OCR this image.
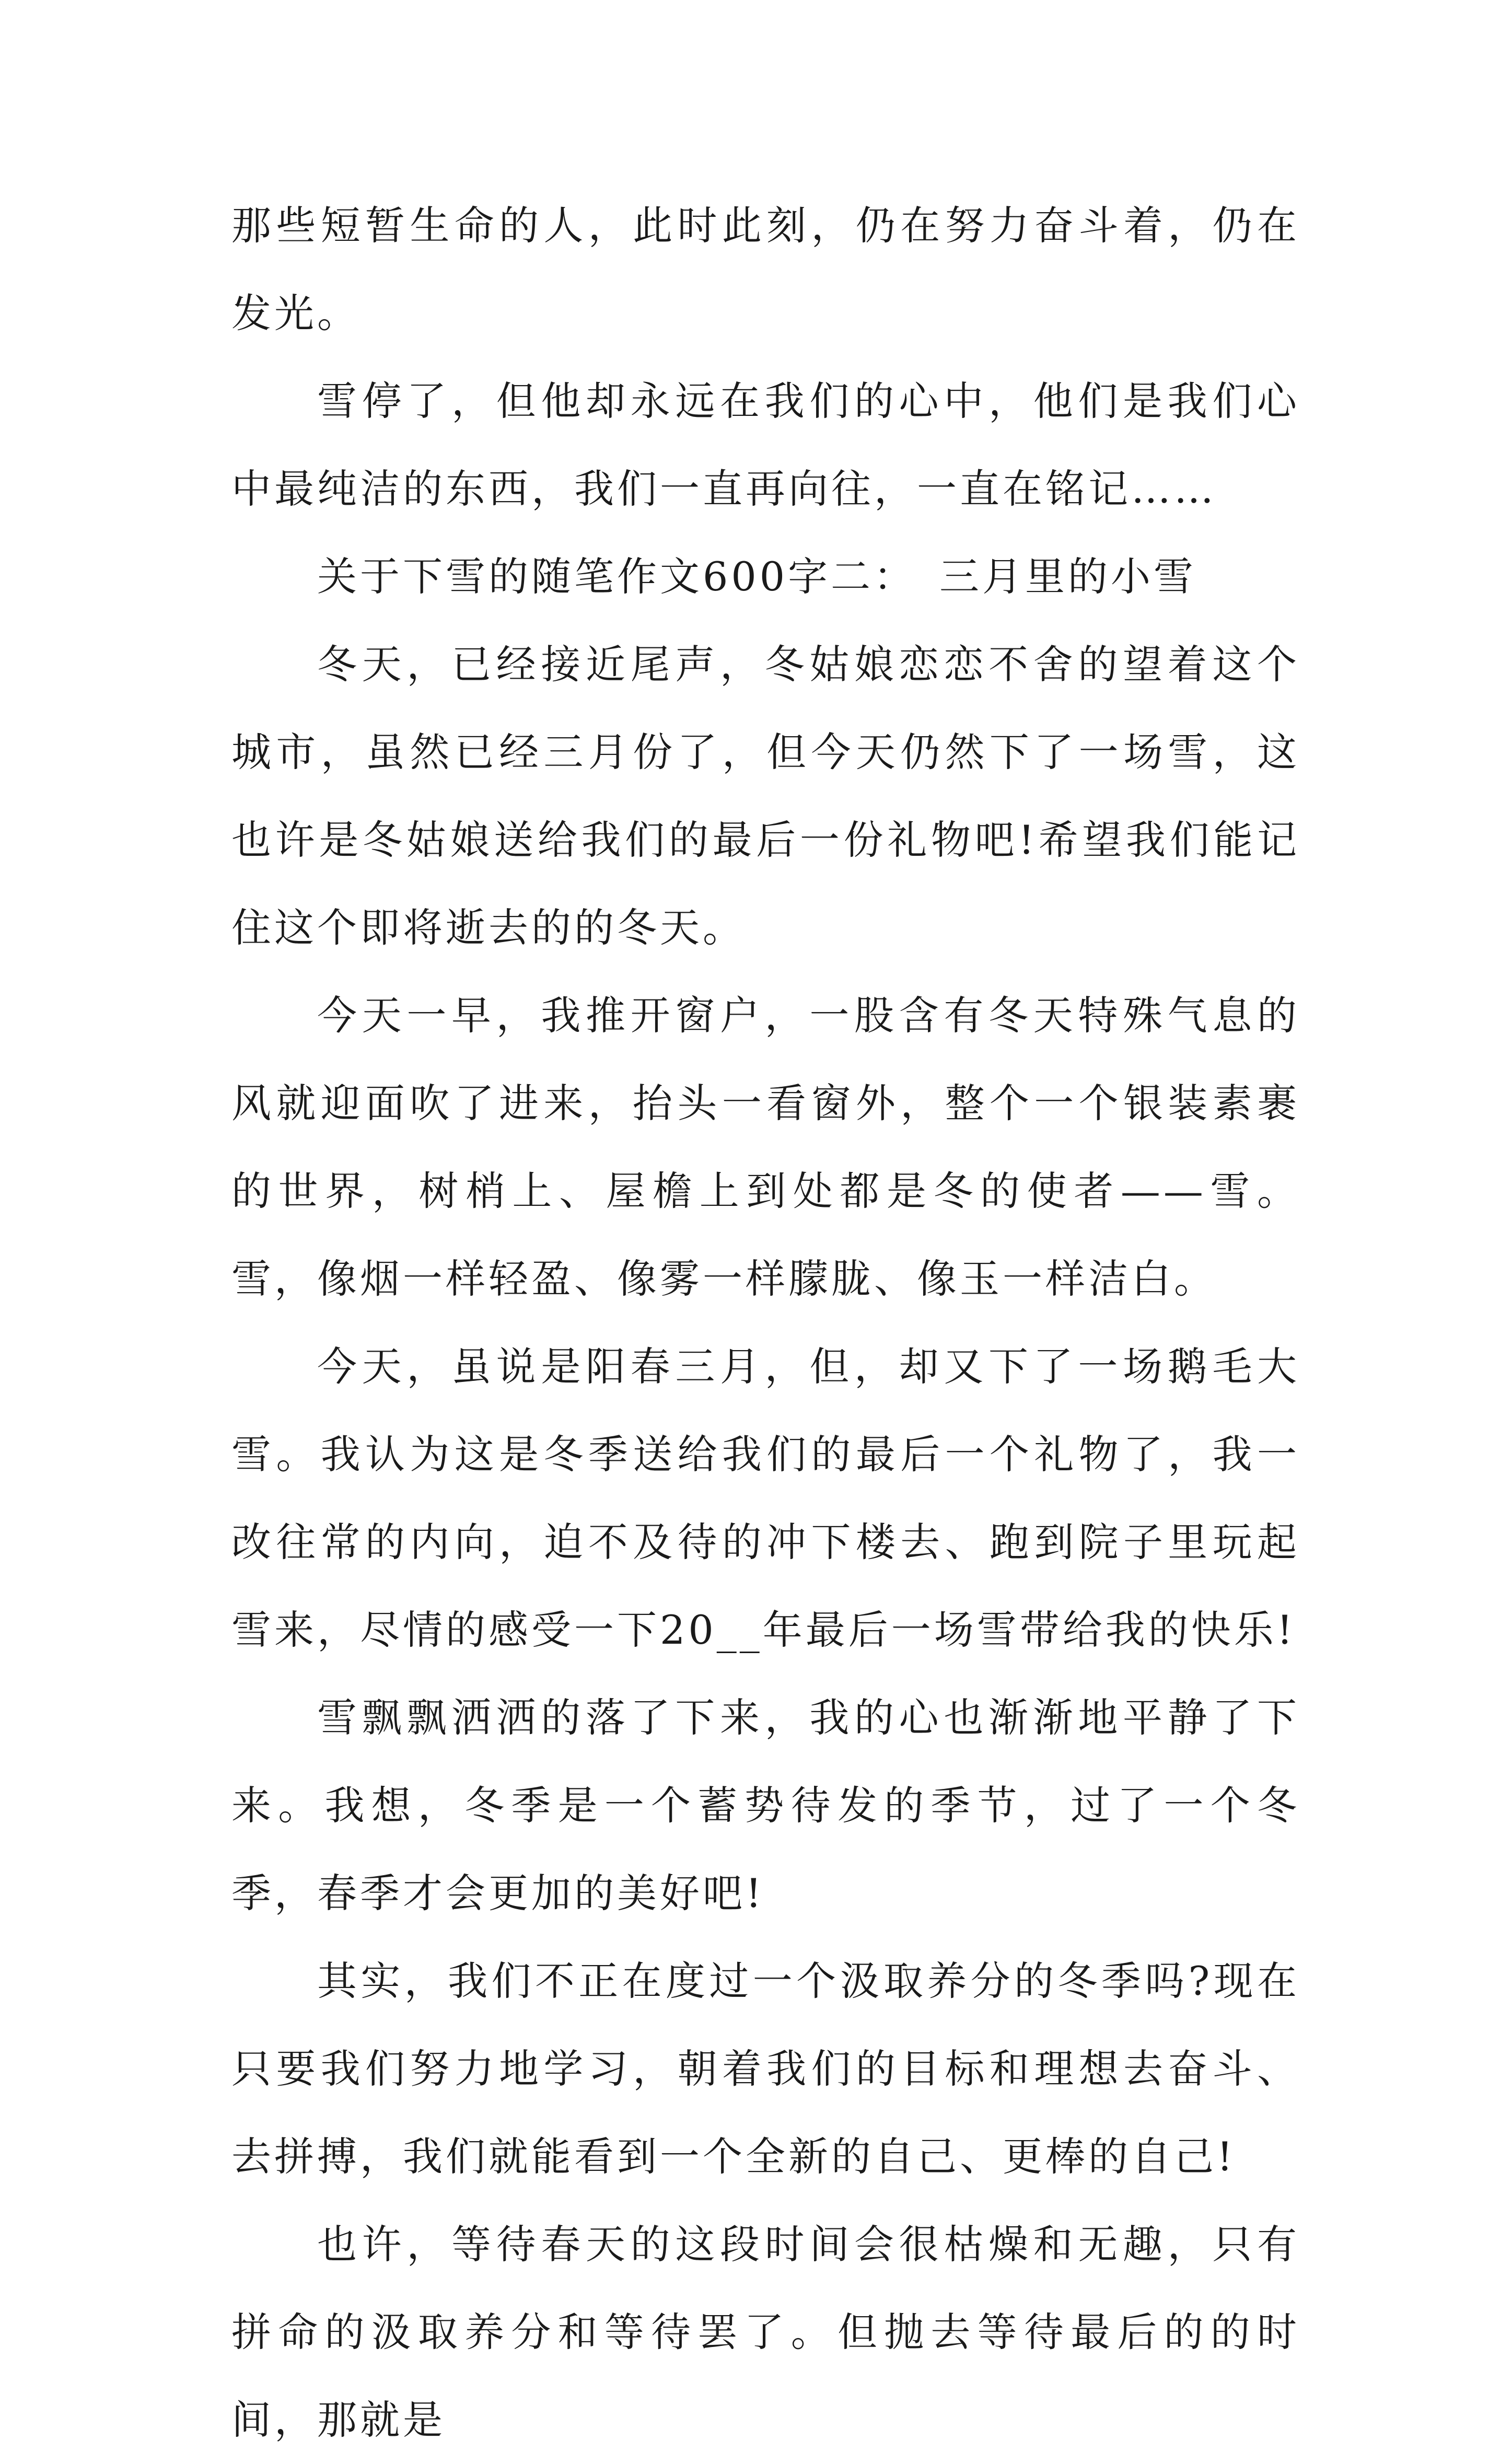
那些短暂生命的人，此时此刻，仍在努力奋斗着，仍在发光。

雪停了，但他却永远在我们的心中，他们是我们心中最纯洁的东西，我们一直再向往，一直在铭记……

关于下雪的随笔作文600字二：　三月里的小雪

冬天，已经接近尾声，冬姑娘恋恋不舍的望着这个城市，虽然已经三月份了，但今天仍然下了一场雪，这也许是冬姑娘送给我们的最后一份礼物吧!希望我们能记住这个即将逝去的的冬天。

今天一早，我推开窗户，一股含有冬天特殊气息的风就迎面吹了进来，抬头一看窗外，整个一个银装素裹的世界，树梢上、屋檐上到处都是冬的使者——雪。雪，像烟一样轻盈、像雾一样朦胧、像玉一样洁白。

今天，虽说是阳春三月，但，却又下了一场鹅毛大雪。我认为这是冬季送给我们的最后一个礼物了，我一改往常的内向，迫不及待的冲下楼去、跑到院子里玩起雪来，尽情的感受一下20__年最后一场雪带给我的快乐!

雪飘飘洒洒的落了下来，我的心也渐渐地平静了下来。我想，冬季是一个蓄势待发的季节，过了一个冬季，春季才会更加的美好吧!

其实，我们不正在度过一个汲取养分的冬季吗?现在只要我们努力地学习，朝着我们的目标和理想去奋斗、去拼搏，我们就能看到一个全新的自己、更棒的自己!

也许，等待春天的这段时间会很枯燥和无趣，只有拼命的汲取养分和等待罢了。但抛去等待最后的的时间，那就是
